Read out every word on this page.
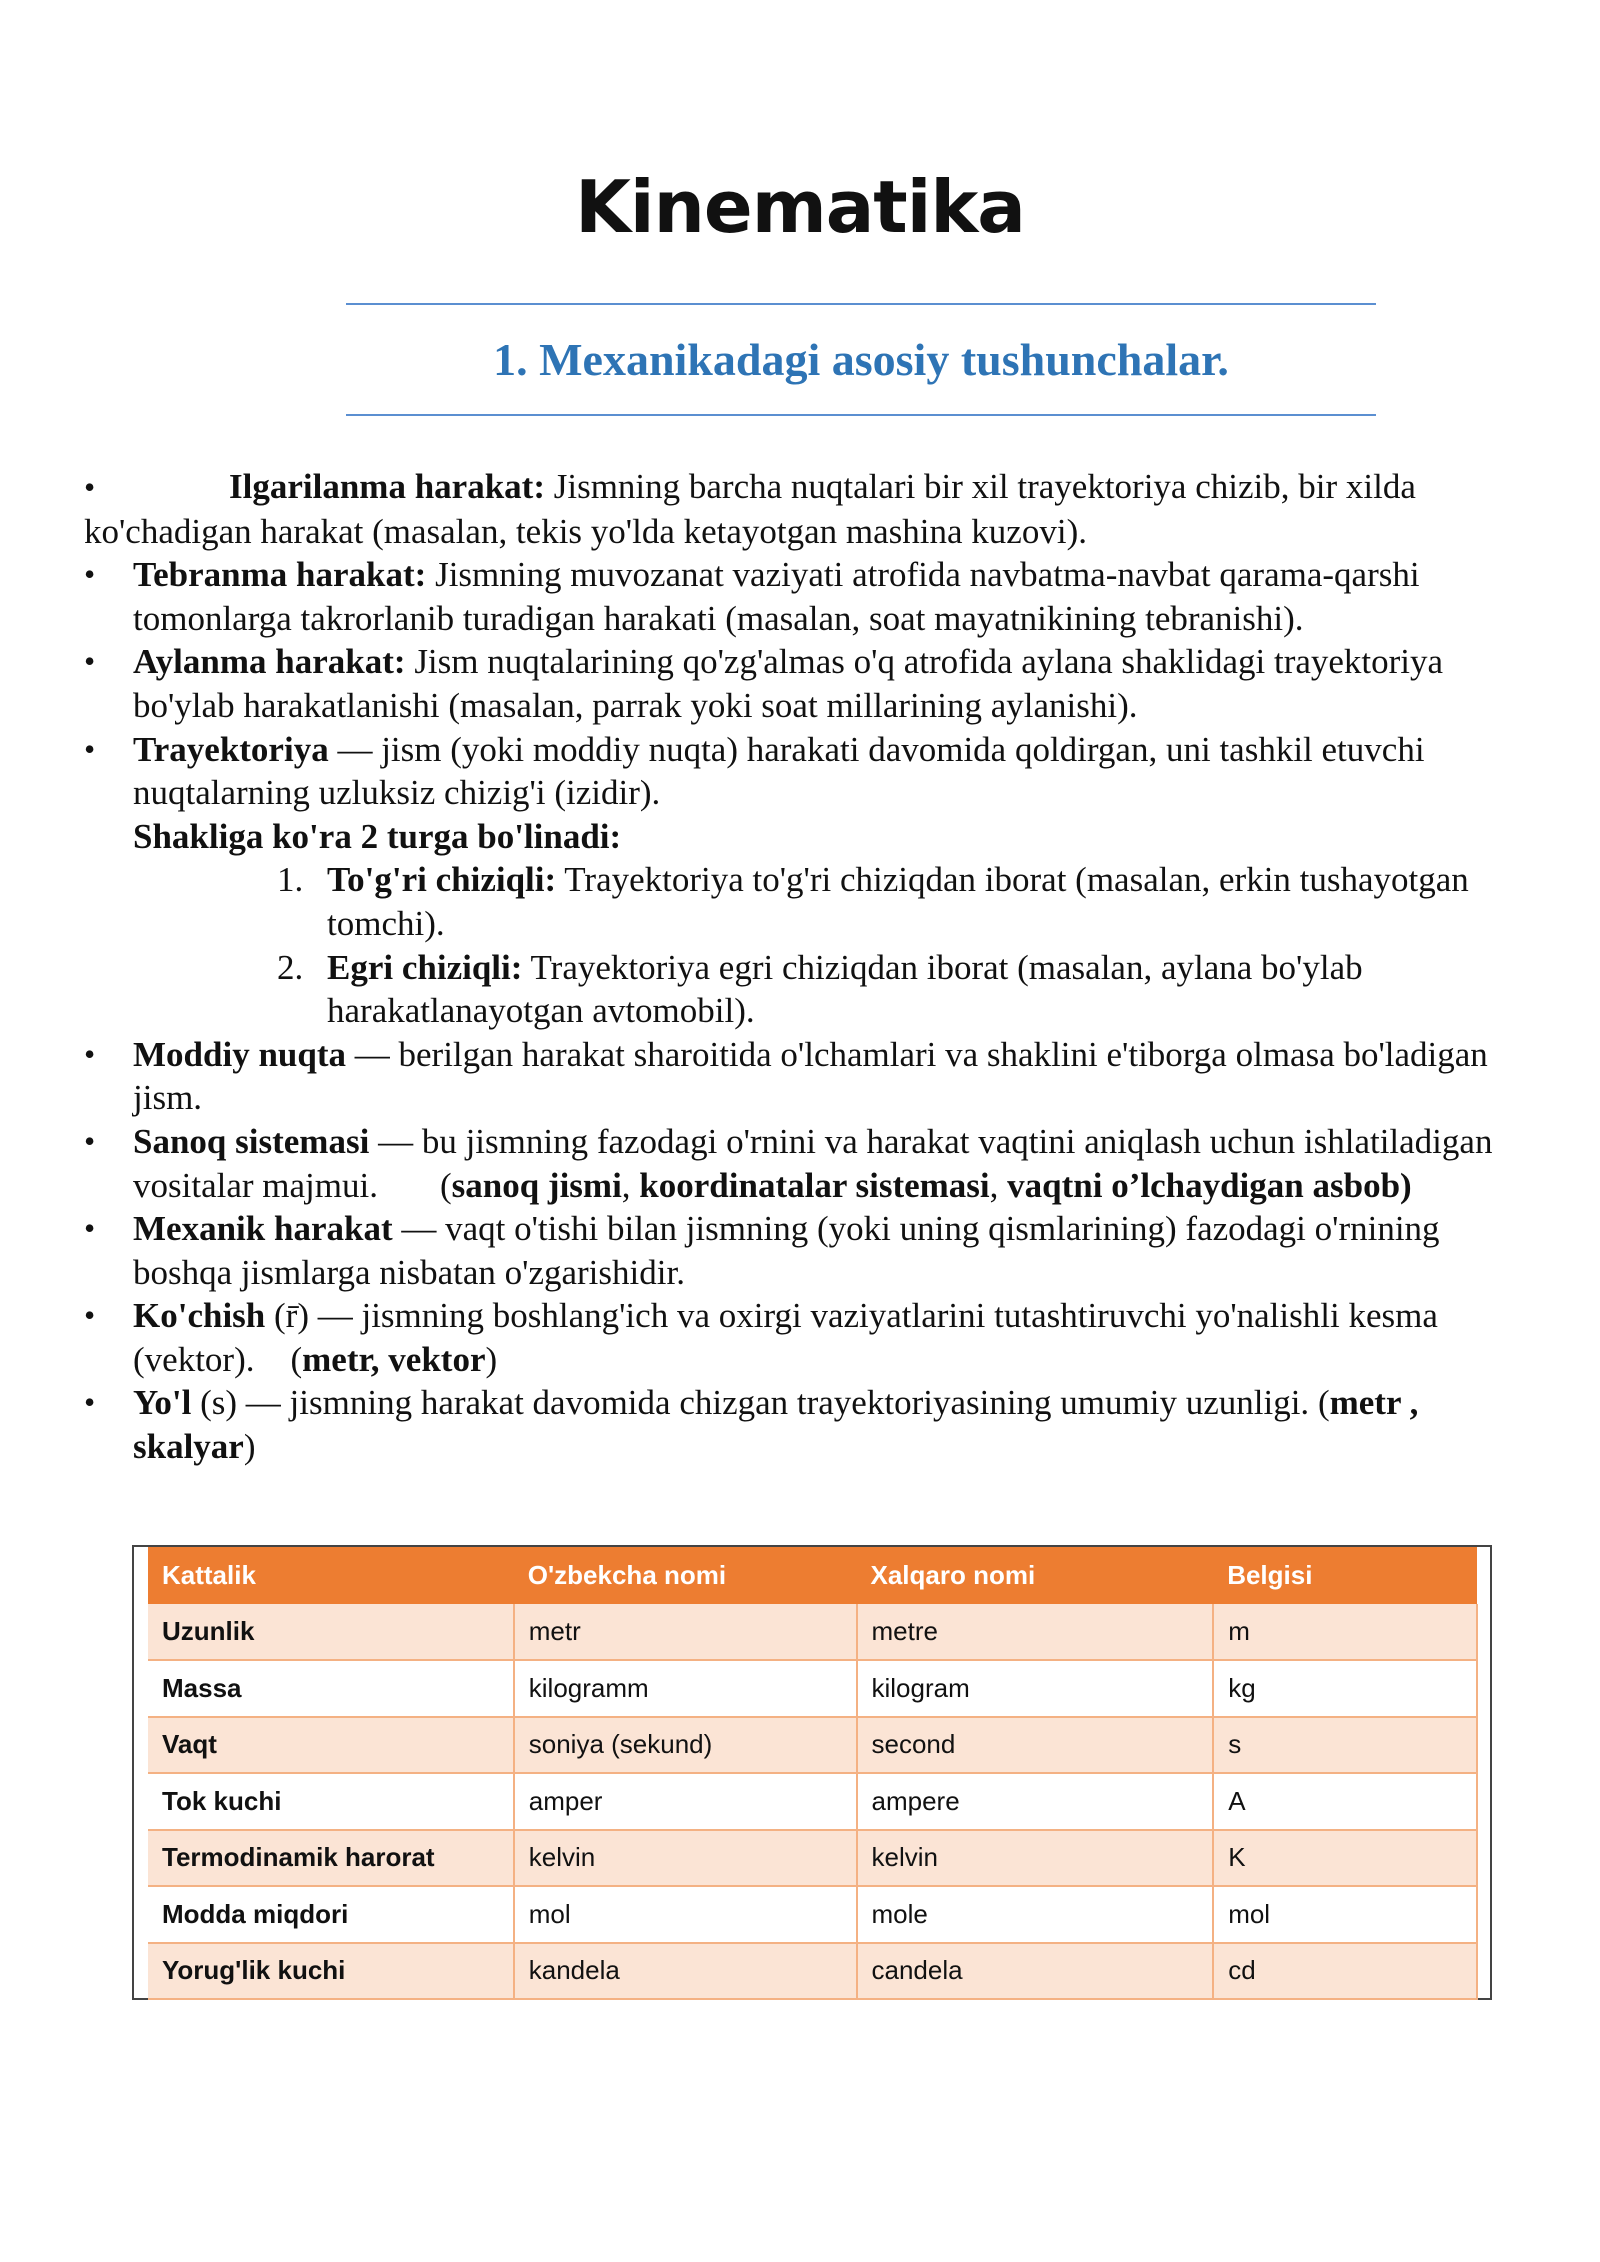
Kinematika
1. Mexanikadagi asosiy tushunchalar.

•	Ilgarilanma harakat: Jismning barcha nuqtalari bir xil trayektoriya chizib, bir xilda ko'chadigan harakat (masalan, tekis yo'lda ketayotgan mashina kuzovi).

• Tebranma harakat: Jismning muvozanat vaziyati atrofida navbatma-navbat qarama-qarshi tomonlarga takrorlanib turadigan harakati (masalan, soat mayatnikining tebranishi).

• Aylanma harakat: Jism nuqtalarining qo'zg'almas o'q atrofida aylana shaklidagi trayektoriya bo'ylab harakatlanishi (masalan, parrak yoki soat millarining aylanishi).

• Trayektoriya — jism (yoki moddiy nuqta) harakati davomida qoldirgan, uni tashkil etuvchi nuqtalarning uzluksiz chizig'i (izidir).

Shakliga ko'ra 2 turga bo'linadi:

1. To'g'ri chiziqli: Trayektoriya to'g'ri chiziqdan iborat (masalan, erkin tushayotgan tomchi).

2. Egri chiziqli: Trayektoriya egri chiziqdan iborat (masalan, aylana bo'ylab harakatlanayotgan avtomobil).

• Moddiy nuqta — berilgan harakat sharoitida o'lchamlari va shaklini e'tiborga olmasa bo'ladigan jism.

• Sanoq sistemasi — bu jismning fazodagi o'rnini va harakat vaqtini aniqlash uchun ishlatiladigan vositalar majmui. (sanoq jismi, koordinatalar sistemasi, vaqtni o’lchaydigan asbob)

• Mexanik harakat — vaqt o'tishi bilan jismning (yoki uning qismlarining) fazodagi o'rnining boshqa jismlarga nisbatan o'zgarishidir.

• Ko'chish (r̄) — jismning boshlang'ich va oxirgi vaziyatlarini tutashtiruvchi yo'nalishli kesma (vektor). (metr, vektor)

• Yo'l (s) — jismning harakat davomida chizgan trayektoriyasining umumiy uzunligi. (metr , skalyar)

Kattalik	O'zbekcha nomi	Xalqaro nomi	Belgisi
Uzunlik	metr	metre	m
Massa	kilogramm	kilogram	kg
Vaqt	soniya (sekund)	second	s
Tok kuchi	amper	ampere	A
Termodinamik harorat	kelvin	kelvin	K
Modda miqdori	mol	mole	mol
Yorug'lik kuchi	kandela	candela	cd
